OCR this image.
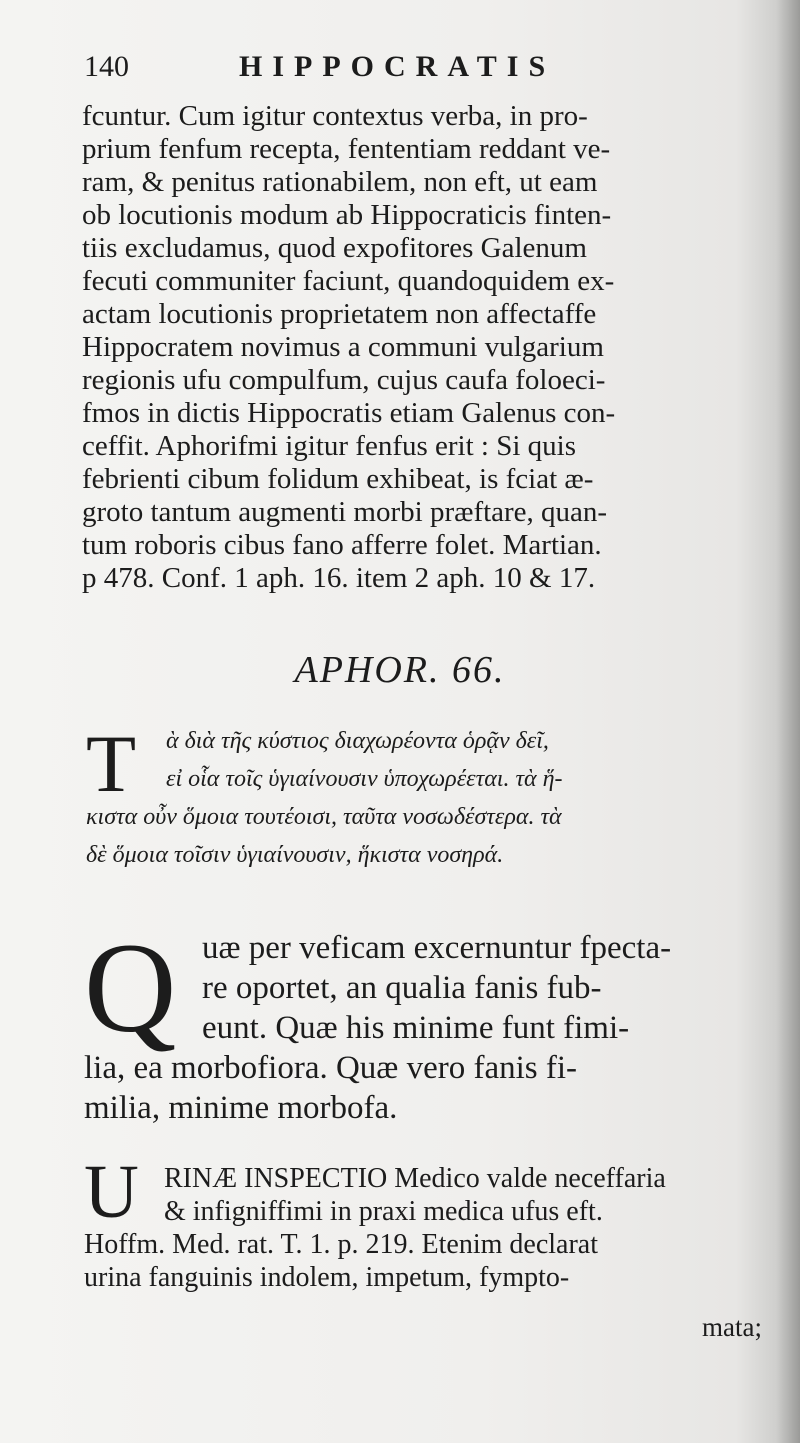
140	HIPPOCRATIS
fcuntur. Cum igitur contextus verba, in pro-
prium fenfum recepta, fententiam reddant ve-
ram, & penitus rationabilem, non eft, ut eam
ob locutionis modum ab Hippocraticis finten-
tiis excludamus, quod expofitores Galenum
fecuti communiter faciunt, quandoquidem ex-
actam locutionis proprietatem non affectaffe
Hippocratem novimus a communi vulgarium
regionis ufu compulfum, cujus caufa foloeci-
fmos in dictis Hippocratis etiam Galenus con-
ceffit. Aphorifmi igitur fenfus erit : Si quis
febrienti cibum folidum exhibeat, is fciat æ-
groto tantum augmenti morbi præftare, quan-
tum roboris cibus fano afferre folet. Martian.
p 478. Conf. 1 aph. 16. item 2 aph. 10 & 17.
APHOR. 66.
Τ	ὰ διὰ τῆς κύστιος διαχωρέοντα ὁρᾷν δεῖ,
εἰ οἷα τοῖς ὑγιαίνουσιν ὑποχωρέεται. τὰ ἥ-
κιστα οὖν ὅμοια τουτέοισι, ταῦτα νοσωδέστερα. τὰ
δὲ ὅμοια τοῖσιν ὑγιαίνουσιν, ἥκιστα νοσηρά.
Q uæ per veficam excernuntur fpecta-
re oportet, an qualia fanis fub-
eunt. Quæ his minime funt fimi-
lia, ea morbofiora. Quæ vero fanis fi-
milia, minime morbofa.
U RINÆ INSPECTIO Medico valde neceffaria
& infigniffimi in praxi medica ufus eft.
Hoffm. Med. rat. T. 1. p. 219. Etenim declarat
urina fanguinis indolem, impetum, fympto-
mata;
